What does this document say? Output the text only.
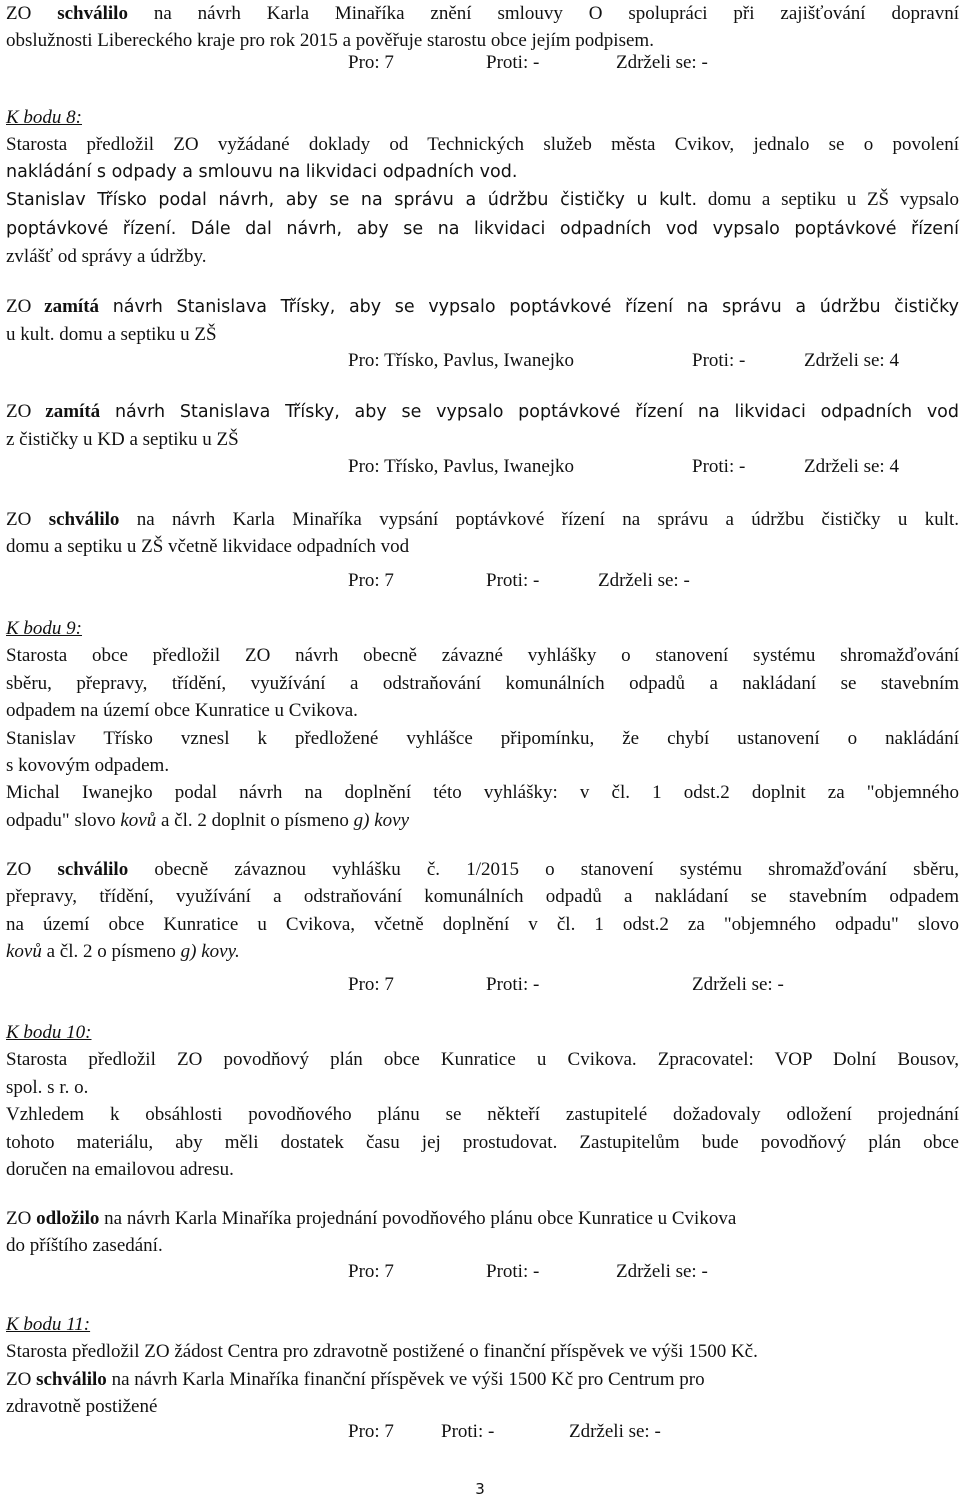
ZO schválilo na návrh Karla Minaříka znění smlouvy O spolupráci při zajišťování dopravní
obslužnosti Libereckého kraje pro rok 2015 a pověřuje starostu obce jejím podpisem.
Pro: 7	Proti: -	Zdrželi se: -
K bodu 8:
Starosta předložil ZO vyžádané doklady od Technických služeb města Cvikov, jednalo se o povolení
nakládání s odpady a smlouvu na likvidaci odpadních vod.
Stanislav Třísko podal návrh, aby se na správu a údržbu čističky u kult. domu a septiku u ZŠ vypsalo
poptávkové řízení. Dále dal návrh, aby se na likvidaci odpadních vod vypsalo poptávkové řízení
zvlášť od správy a údržby.
ZO zamítá návrh Stanislava Třísky, aby se vypsalo poptávkové řízení na správu a údržbu čističky
u kult. domu a septiku u ZŠ
Pro: Třísko, Pavlus, Iwanejko	Proti: -	Zdrželi se: 4
ZO zamítá návrh Stanislava Třísky, aby se vypsalo poptávkové řízení na likvidaci odpadních vod
z čističky u KD a septiku u ZŠ
Pro: Třísko, Pavlus, Iwanejko	Proti: -	Zdrželi se: 4
ZO schválilo na návrh Karla Minaříka vypsání poptávkové řízení na správu a údržbu čističky u kult.
domu a septiku u ZŠ včetně likvidace odpadních vod
Pro: 7	Proti: -	Zdrželi se: -
K bodu 9:
Starosta obce předložil ZO návrh obecně závazné vyhlášky o stanovení systému shromažďování
sběru, přepravy, třídění, využívání a odstraňování komunálních odpadů a nakládaní se stavebním
odpadem na území obce Kunratice u Cvikova.
Stanislav Třísko vznesl k předložené vyhlášce připomínku, že chybí ustanovení o nakládání
s kovovým odpadem.
Michal Iwanejko podal návrh na doplnění této vyhlášky: v čl. 1 odst.2 doplnit za "objemného
odpadu" slovo kovů a čl. 2 doplnit o písmeno g) kovy
ZO schválilo obecně závaznou vyhlášku č. 1/2015 o stanovení systému shromažďování sběru,
přepravy, třídění, využívání a odstraňování komunálních odpadů a nakládaní se stavebním odpadem
na území obce Kunratice u Cvikova, včetně doplnění v čl. 1 odst.2 za "objemného odpadu" slovo
kovů a čl. 2 o písmeno g) kovy.
Pro: 7	Proti: -	Zdrželi se: -
K bodu 10:
Starosta předložil ZO povodňový plán obce Kunratice u Cvikova. Zpracovatel: VOP Dolní Bousov,
spol. s r. o.
Vzhledem k obsáhlosti povodňového plánu se někteří zastupitelé dožadovaly odložení projednání
tohoto materiálu, aby měli dostatek času jej prostudovat. Zastupitelům bude povodňový plán obce
doručen na emailovou adresu.
ZO odložilo na návrh Karla Minaříka projednání povodňového plánu obce Kunratice u Cvikova
do příštího zasedání.
Pro: 7	Proti: -	Zdrželi se: -
K bodu 11:
Starosta předložil ZO žádost Centra pro zdravotně postižené o finanční příspěvek ve výši 1500 Kč.
ZO schválilo na návrh Karla Minaříka finanční příspěvek ve výši 1500 Kč pro Centrum pro
zdravotně postižené
Pro: 7 Proti: -	Zdrželi se: -
3
